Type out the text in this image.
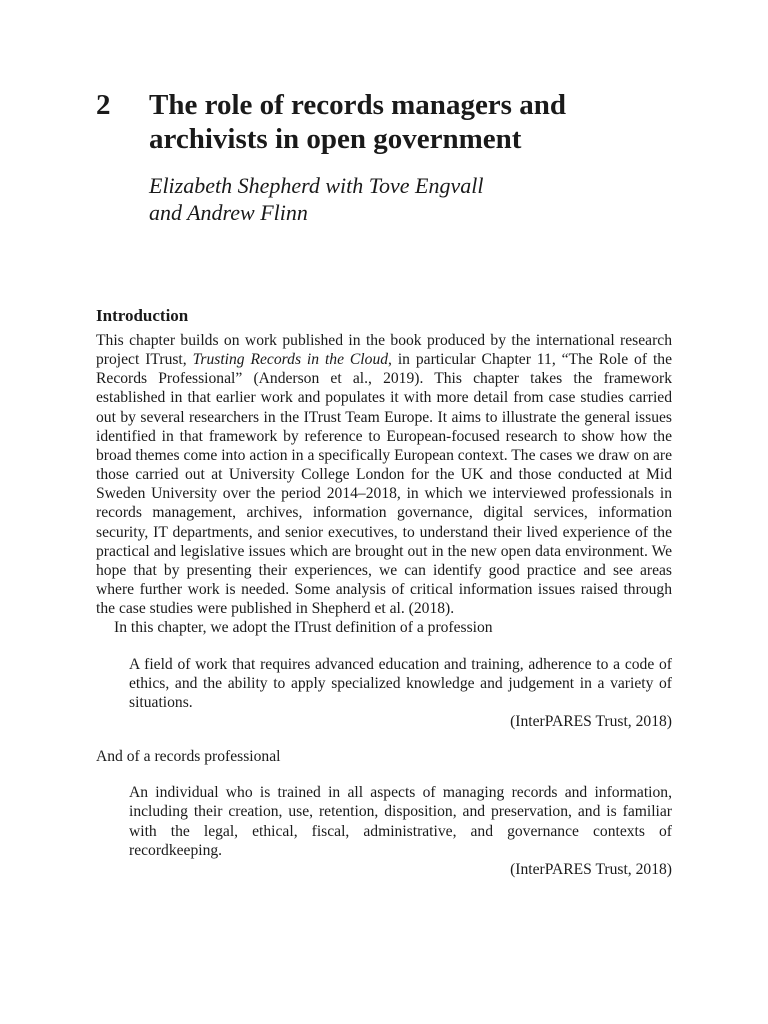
2 The role of records managers and archivists in open government
Elizabeth Shepherd with Tove Engvall
and Andrew Flinn
Introduction

This chapter builds on work published in the book produced by the international research project ITrust, Trusting Records in the Cloud, in particular Chapter 11, “The Role of the Records Professional” (Anderson et al., 2019). This chapter takes the framework established in that earlier work and populates it with more detail from case studies carried out by several researchers in the ITrust Team Europe. It aims to illustrate the general issues identified in that framework by reference to European-focused research to show how the broad themes come into action in a specifically European context. The cases we draw on are those carried out at University College London for the UK and those conducted at Mid Sweden University over the period 2014–2018, in which we interviewed professionals in records management, archives, information governance, digital services, information security, IT departments, and senior executives, to understand their lived experience of the practical and legislative issues which are brought out in the new open data environment. We hope that by presenting their experiences, we can identify good practice and see areas where further work is needed. Some analysis of critical information issues raised through the case studies were published in Shepherd et al. (2018).

In this chapter, we adopt the ITrust definition of a profession

A field of work that requires advanced education and training, adherence to a code of ethics, and the ability to apply specialized knowledge and judgement in a variety of situations.

(InterPARES Trust, 2018)

And of a records professional

An individual who is trained in all aspects of managing records and information, including their creation, use, retention, disposition, and preservation, and is familiar with the legal, ethical, fiscal, administrative, and governance contexts of recordkeeping.

(InterPARES Trust, 2018)
